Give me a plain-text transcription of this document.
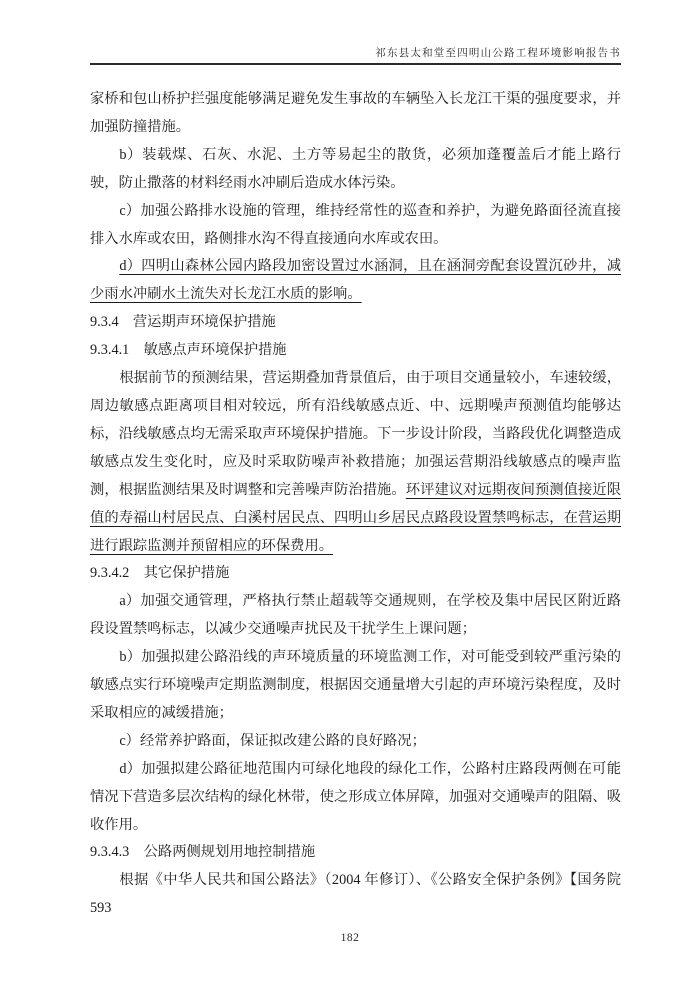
祁东县太和堂至四明山公路工程环境影响报告书

家桥和包山桥护拦强度能够满足避免发生事故的车辆坠入长龙江干渠的强度要求，并加强防撞措施。

b）装载煤、石灰、水泥、土方等易起尘的散货，必须加蓬覆盖后才能上路行驶，防止撒落的材料经雨水冲刷后造成水体污染。

c）加强公路排水设施的管理，维持经常性的巡查和养护，为避免路面径流直接排入水库或农田，路侧排水沟不得直接通向水库或农田。

d）四明山森林公园内路段加密设置过水涵洞，且在涵洞旁配套设置沉砂井，减少雨水冲刷水土流失对长龙江水质的影响。

9.3.4　营运期声环境保护措施

9.3.4.1　敏感点声环境保护措施

根据前节的预测结果，营运期叠加背景值后，由于项目交通量较小，车速较缓，周边敏感点距离项目相对较远，所有沿线敏感点近、中、远期噪声预测值均能够达标，沿线敏感点均无需采取声环境保护措施。下一步设计阶段，当路段优化调整造成敏感点发生变化时，应及时采取防噪声补救措施；加强运营期沿线敏感点的噪声监测，根据监测结果及时调整和完善噪声防治措施。环评建议对远期夜间预测值接近限值的寿福山村居民点、白溪村居民点、四明山乡居民点路段设置禁鸣标志，在营运期进行跟踪监测并预留相应的环保费用。

9.3.4.2　其它保护措施

a）加强交通管理，严格执行禁止超载等交通规则，在学校及集中居民区附近路段设置禁鸣标志，以减少交通噪声扰民及干扰学生上课问题；

b）加强拟建公路沿线的声环境质量的环境监测工作，对可能受到较严重污染的敏感点实行环境噪声定期监测制度，根据因交通量增大引起的声环境污染程度，及时采取相应的减缓措施；

c）经常养护路面，保证拟改建公路的良好路况；

d）加强拟建公路征地范围内可绿化地段的绿化工作，公路村庄路段两侧在可能情况下营造多层次结构的绿化林带，使之形成立体屏障，加强对交通噪声的阻隔、吸收作用。

9.3.4.3　公路两侧规划用地控制措施

根据《中华人民共和国公路法》（2004 年修订）、《公路安全保护条例》【国务院 593

182
